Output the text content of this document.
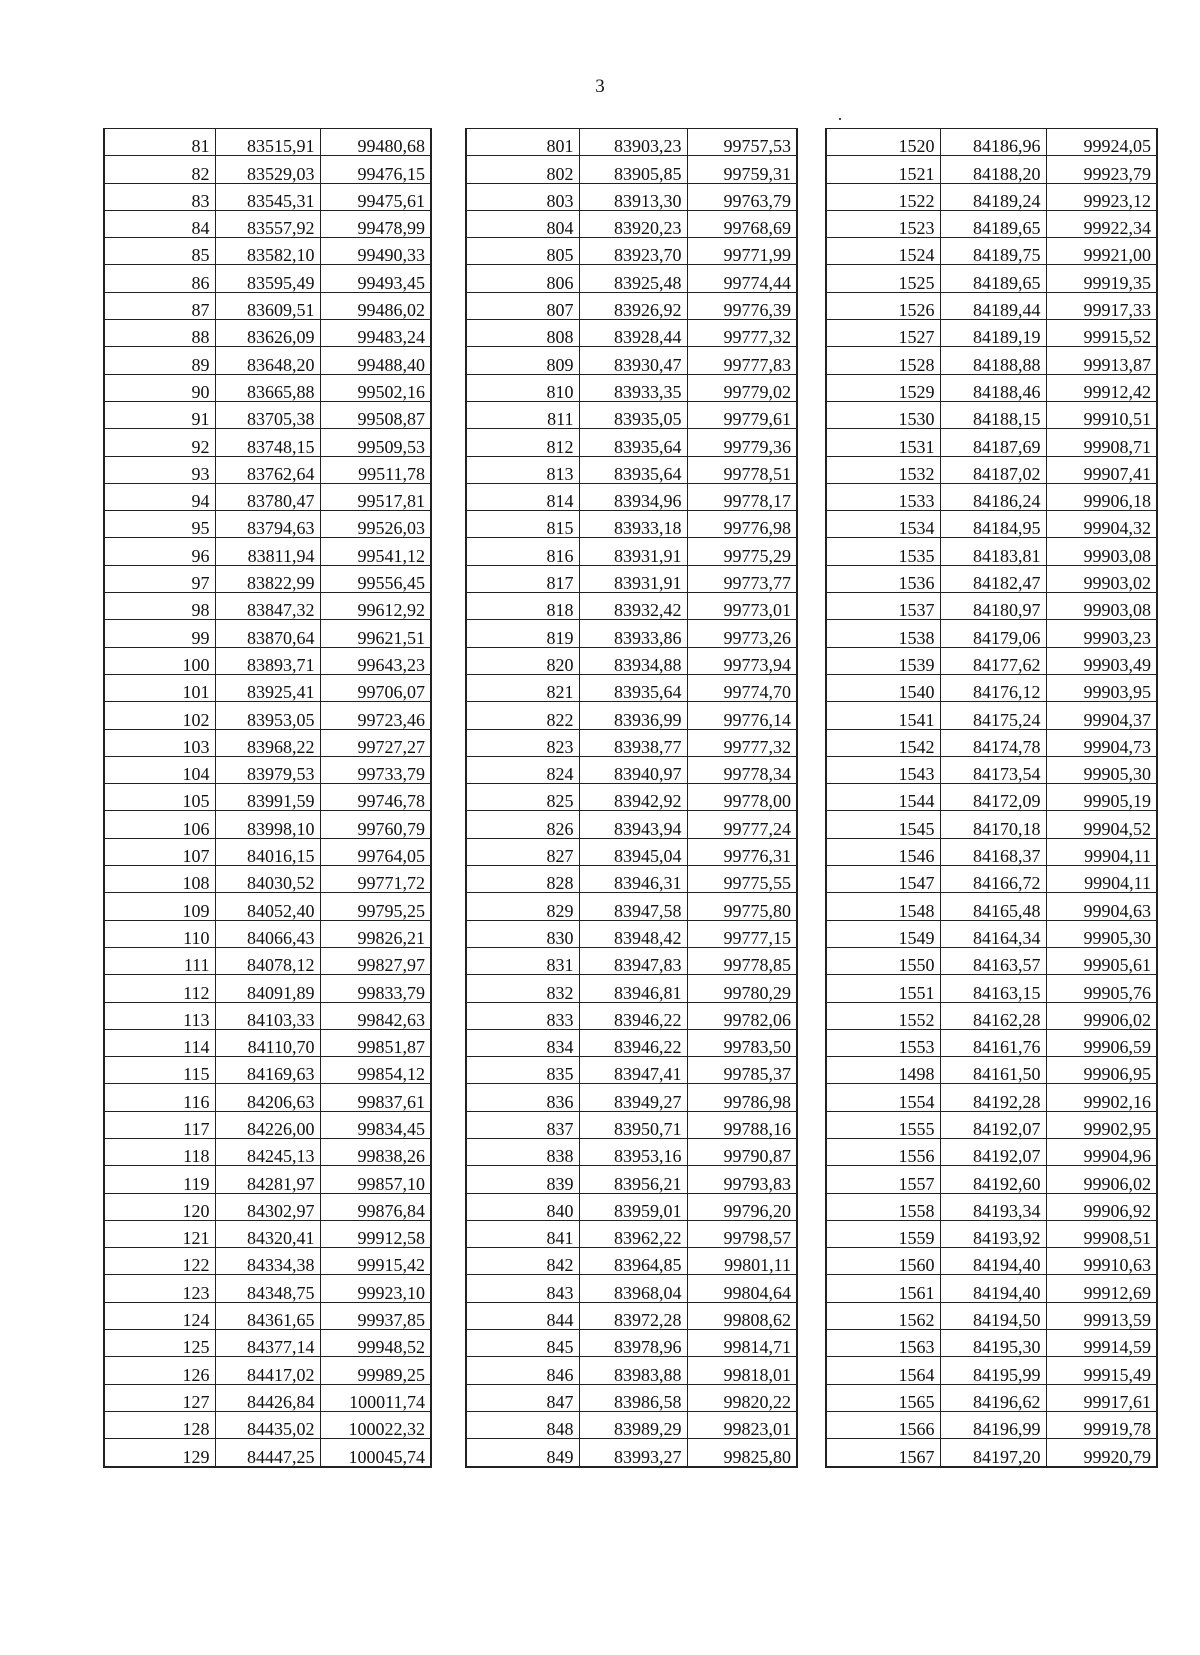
3
81	83515,91	99480,68
82	83529,03	99476,15
83	83545,31	99475,61
84	83557,92	99478,99
85	83582,10	99490,33
86	83595,49	99493,45
87	83609,51	99486,02
88	83626,09	99483,24
89	83648,20	99488,40
90	83665,88	99502,16
91	83705,38	99508,87
92	83748,15	99509,53
93	83762,64	99511,78
94	83780,47	99517,81
95	83794,63	99526,03
96	83811,94	99541,12
97	83822,99	99556,45
98	83847,32	99612,92
99	83870,64	99621,51
100	83893,71	99643,23
101	83925,41	99706,07
102	83953,05	99723,46
103	83968,22	99727,27
104	83979,53	99733,79
105	83991,59	99746,78
106	83998,10	99760,79
107	84016,15	99764,05
108	84030,52	99771,72
109	84052,40	99795,25
110	84066,43	99826,21
111	84078,12	99827,97
112	84091,89	99833,79
113	84103,33	99842,63
114	84110,70	99851,87
115	84169,63	99854,12
116	84206,63	99837,61
117	84226,00	99834,45
118	84245,13	99838,26
119	84281,97	99857,10
120	84302,97	99876,84
121	84320,41	99912,58
122	84334,38	99915,42
123	84348,75	99923,10
124	84361,65	99937,85
125	84377,14	99948,52
126	84417,02	99989,25
127	84426,84	100011,74
128	84435,02	100022,32
129	84447,25	100045,74
801	83903,23	99757,53
802	83905,85	99759,31
803	83913,30	99763,79
804	83920,23	99768,69
805	83923,70	99771,99
806	83925,48	99774,44
807	83926,92	99776,39
808	83928,44	99777,32
809	83930,47	99777,83
810	83933,35	99779,02
811	83935,05	99779,61
812	83935,64	99779,36
813	83935,64	99778,51
814	83934,96	99778,17
815	83933,18	99776,98
816	83931,91	99775,29
817	83931,91	99773,77
818	83932,42	99773,01
819	83933,86	99773,26
820	83934,88	99773,94
821	83935,64	99774,70
822	83936,99	99776,14
823	83938,77	99777,32
824	83940,97	99778,34
825	83942,92	99778,00
826	83943,94	99777,24
827	83945,04	99776,31
828	83946,31	99775,55
829	83947,58	99775,80
830	83948,42	99777,15
831	83947,83	99778,85
832	83946,81	99780,29
833	83946,22	99782,06
834	83946,22	99783,50
835	83947,41	99785,37
836	83949,27	99786,98
837	83950,71	99788,16
838	83953,16	99790,87
839	83956,21	99793,83
840	83959,01	99796,20
841	83962,22	99798,57
842	83964,85	99801,11
843	83968,04	99804,64
844	83972,28	99808,62
845	83978,96	99814,71
846	83983,88	99818,01
847	83986,58	99820,22
848	83989,29	99823,01
849	83993,27	99825,80
1520	84186,96	99924,05
1521	84188,20	99923,79
1522	84189,24	99923,12
1523	84189,65	99922,34
1524	84189,75	99921,00
1525	84189,65	99919,35
1526	84189,44	99917,33
1527	84189,19	99915,52
1528	84188,88	99913,87
1529	84188,46	99912,42
1530	84188,15	99910,51
1531	84187,69	99908,71
1532	84187,02	99907,41
1533	84186,24	99906,18
1534	84184,95	99904,32
1535	84183,81	99903,08
1536	84182,47	99903,02
1537	84180,97	99903,08
1538	84179,06	99903,23
1539	84177,62	99903,49
1540	84176,12	99903,95
1541	84175,24	99904,37
1542	84174,78	99904,73
1543	84173,54	99905,30
1544	84172,09	99905,19
1545	84170,18	99904,52
1546	84168,37	99904,11
1547	84166,72	99904,11
1548	84165,48	99904,63
1549	84164,34	99905,30
1550	84163,57	99905,61
1551	84163,15	99905,76
1552	84162,28	99906,02
1553	84161,76	99906,59
1498	84161,50	99906,95
1554	84192,28	99902,16
1555	84192,07	99902,95
1556	84192,07	99904,96
1557	84192,60	99906,02
1558	84193,34	99906,92
1559	84193,92	99908,51
1560	84194,40	99910,63
1561	84194,40	99912,69
1562	84194,50	99913,59
1563	84195,30	99914,59
1564	84195,99	99915,49
1565	84196,62	99917,61
1566	84196,99	99919,78
1567	84197,20	99920,79
